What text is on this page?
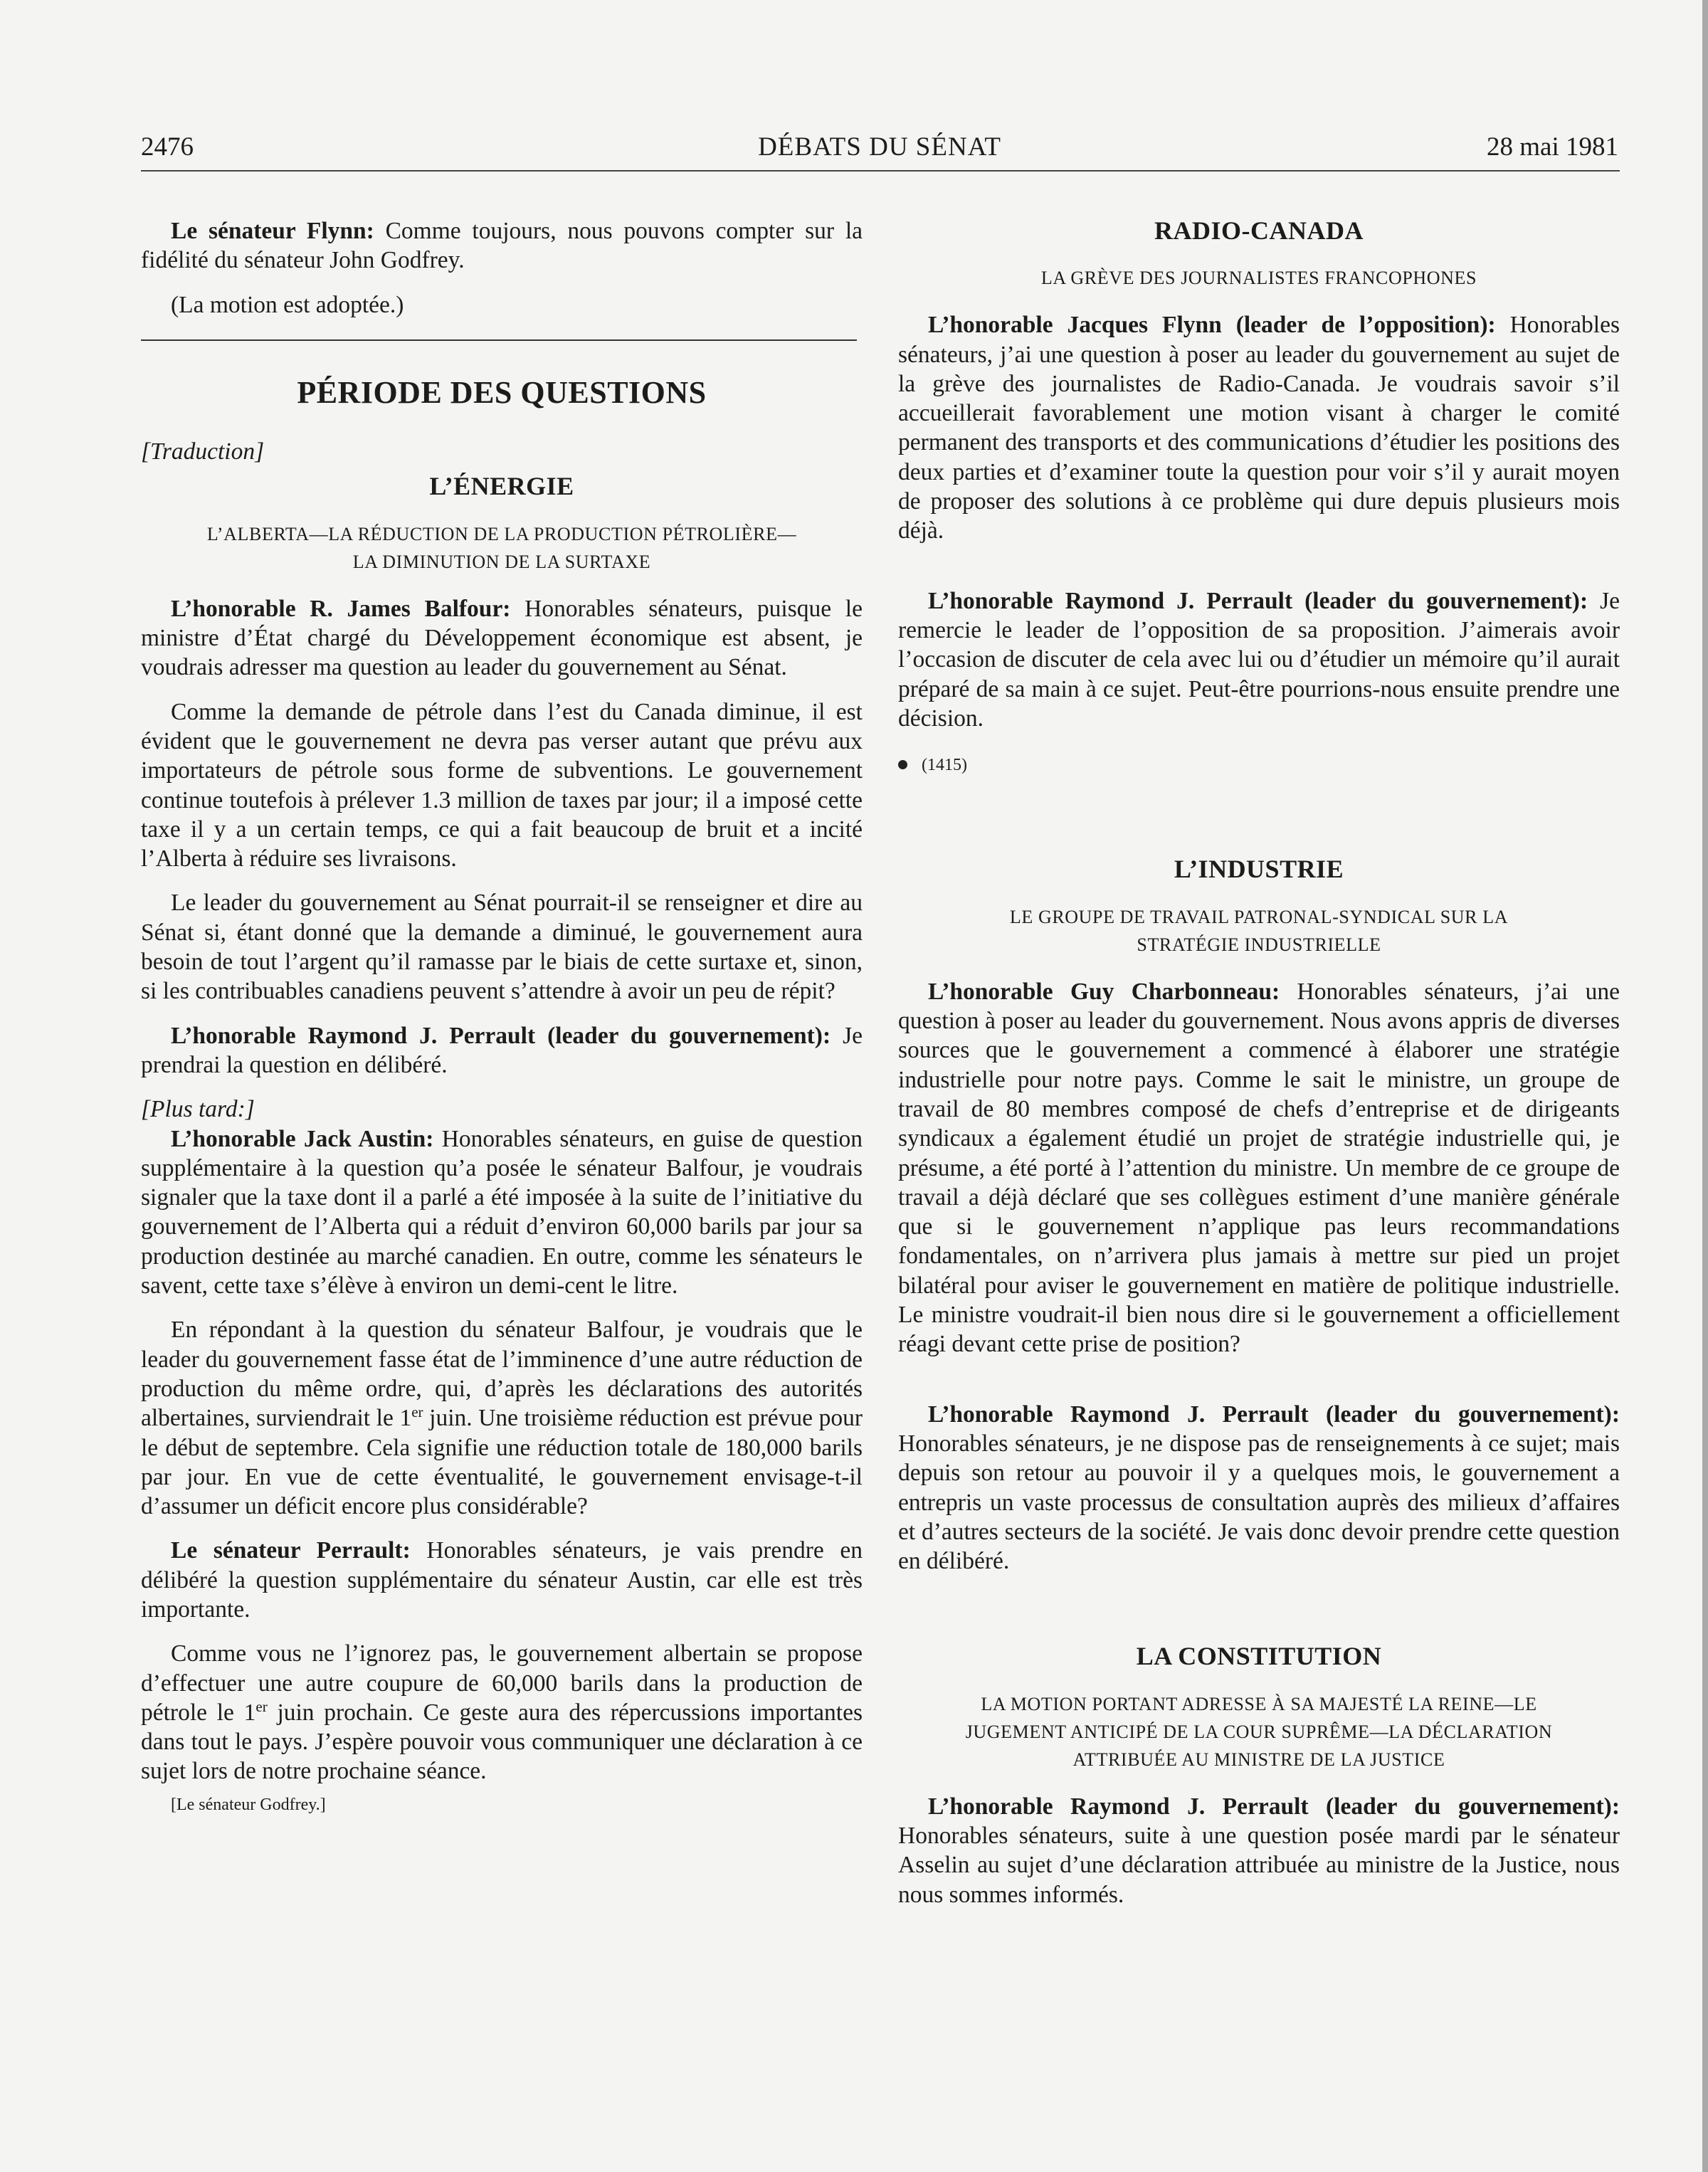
2476	DÉBATS DU SÉNAT	28 mai 1981

Le sénateur Flynn: Comme toujours, nous pouvons compter sur la fidélité du sénateur John Godfrey.

(La motion est adoptée.)

PÉRIODE DES QUESTIONS
[Traduction]
L’ÉNERGIE
L’ALBERTA—LA RÉDUCTION DE LA PRODUCTION PÉTROLIÈRE—
LA DIMINUTION DE LA SURTAXE

L’honorable R. James Balfour: Honorables sénateurs, puisque le ministre d’État chargé du Développement économique est absent, je voudrais adresser ma question au leader du gouvernement au Sénat.

Comme la demande de pétrole dans l’est du Canada diminue, il est évident que le gouvernement ne devra pas verser autant que prévu aux importateurs de pétrole sous forme de subventions. Le gouvernement continue toutefois à prélever 1.3 million de taxes par jour; il a imposé cette taxe il y a un certain temps, ce qui a fait beaucoup de bruit et a incité l’Alberta à réduire ses livraisons.

Le leader du gouvernement au Sénat pourrait-il se renseigner et dire au Sénat si, étant donné que la demande a diminué, le gouvernement aura besoin de tout l’argent qu’il ramasse par le biais de cette surtaxe et, sinon, si les contribuables canadiens peuvent s’attendre à avoir un peu de répit?

L’honorable Raymond J. Perrault (leader du gouvernement): Je prendrai la question en délibéré.

[Plus tard:]

L’honorable Jack Austin: Honorables sénateurs, en guise de question supplémentaire à la question qu’a posée le sénateur Balfour, je voudrais signaler que la taxe dont il a parlé a été imposée à la suite de l’initiative du gouvernement de l’Alberta qui a réduit d’environ 60,000 barils par jour sa production destinée au marché canadien. En outre, comme les sénateurs le savent, cette taxe s’élève à environ un demi-cent le litre.

En répondant à la question du sénateur Balfour, je voudrais que le leader du gouvernement fasse état de l’imminence d’une autre réduction de production du même ordre, qui, d’après les déclarations des autorités albertaines, surviendrait le 1er juin. Une troisième réduction est prévue pour le début de septembre. Cela signifie une réduction totale de 180,000 barils par jour. En vue de cette éventualité, le gouvernement envisage-t-il d’assumer un déficit encore plus considérable?

Le sénateur Perrault: Honorables sénateurs, je vais prendre en délibéré la question supplémentaire du sénateur Austin, car elle est très importante.

Comme vous ne l’ignorez pas, le gouvernement albertain se propose d’effectuer une autre coupure de 60,000 barils dans la production de pétrole le 1er juin prochain. Ce geste aura des répercussions importantes dans tout le pays. J’espère pouvoir vous communiquer une déclaration à ce sujet lors de notre prochaine séance.

[Le sénateur Godfrey.]
RADIO-CANADA
LA GRÈVE DES JOURNALISTES FRANCOPHONES

L’honorable Jacques Flynn (leader de l’opposition): Honorables sénateurs, j’ai une question à poser au leader du gouvernement au sujet de la grève des journalistes de Radio-Canada. Je voudrais savoir s’il accueillerait favorablement une motion visant à charger le comité permanent des transports et des communications d’étudier les positions des deux parties et d’examiner toute la question pour voir s’il y aurait moyen de proposer des solutions à ce problème qui dure depuis plusieurs mois déjà.

L’honorable Raymond J. Perrault (leader du gouvernement): Je remercie le leader de l’opposition de sa proposition. J’aimerais avoir l’occasion de discuter de cela avec lui ou d’étudier un mémoire qu’il aurait préparé de sa main à ce sujet. Peut-être pourrions-nous ensuite prendre une décision.

(1415)
L’INDUSTRIE
LE GROUPE DE TRAVAIL PATRONAL-SYNDICAL SUR LA
STRATÉGIE INDUSTRIELLE

L’honorable Guy Charbonneau: Honorables sénateurs, j’ai une question à poser au leader du gouvernement. Nous avons appris de diverses sources que le gouvernement a commencé à élaborer une stratégie industrielle pour notre pays. Comme le sait le ministre, un groupe de travail de 80 membres composé de chefs d’entreprise et de dirigeants syndicaux a également étudié un projet de stratégie industrielle qui, je présume, a été porté à l’attention du ministre. Un membre de ce groupe de travail a déjà déclaré que ses collègues estiment d’une manière générale que si le gouvernement n’applique pas leurs recommandations fondamentales, on n’arrivera plus jamais à mettre sur pied un projet bilatéral pour aviser le gouvernement en matière de politique industrielle. Le ministre voudrait-il bien nous dire si le gouvernement a officiellement réagi devant cette prise de position?

L’honorable Raymond J. Perrault (leader du gouvernement): Honorables sénateurs, je ne dispose pas de renseignements à ce sujet; mais depuis son retour au pouvoir il y a quelques mois, le gouvernement a entrepris un vaste processus de consultation auprès des milieux d’affaires et d’autres secteurs de la société. Je vais donc devoir prendre cette question en délibéré.

LA CONSTITUTION
LA MOTION PORTANT ADRESSE À SA MAJESTÉ LA REINE—LE
JUGEMENT ANTICIPÉ DE LA COUR SUPRÊME—LA DÉCLARATION
ATTRIBUÉE AU MINISTRE DE LA JUSTICE

L’honorable Raymond J. Perrault (leader du gouvernement): Honorables sénateurs, suite à une question posée mardi par le sénateur Asselin au sujet d’une déclaration attribuée au ministre de la Justice, nous nous sommes informés.
